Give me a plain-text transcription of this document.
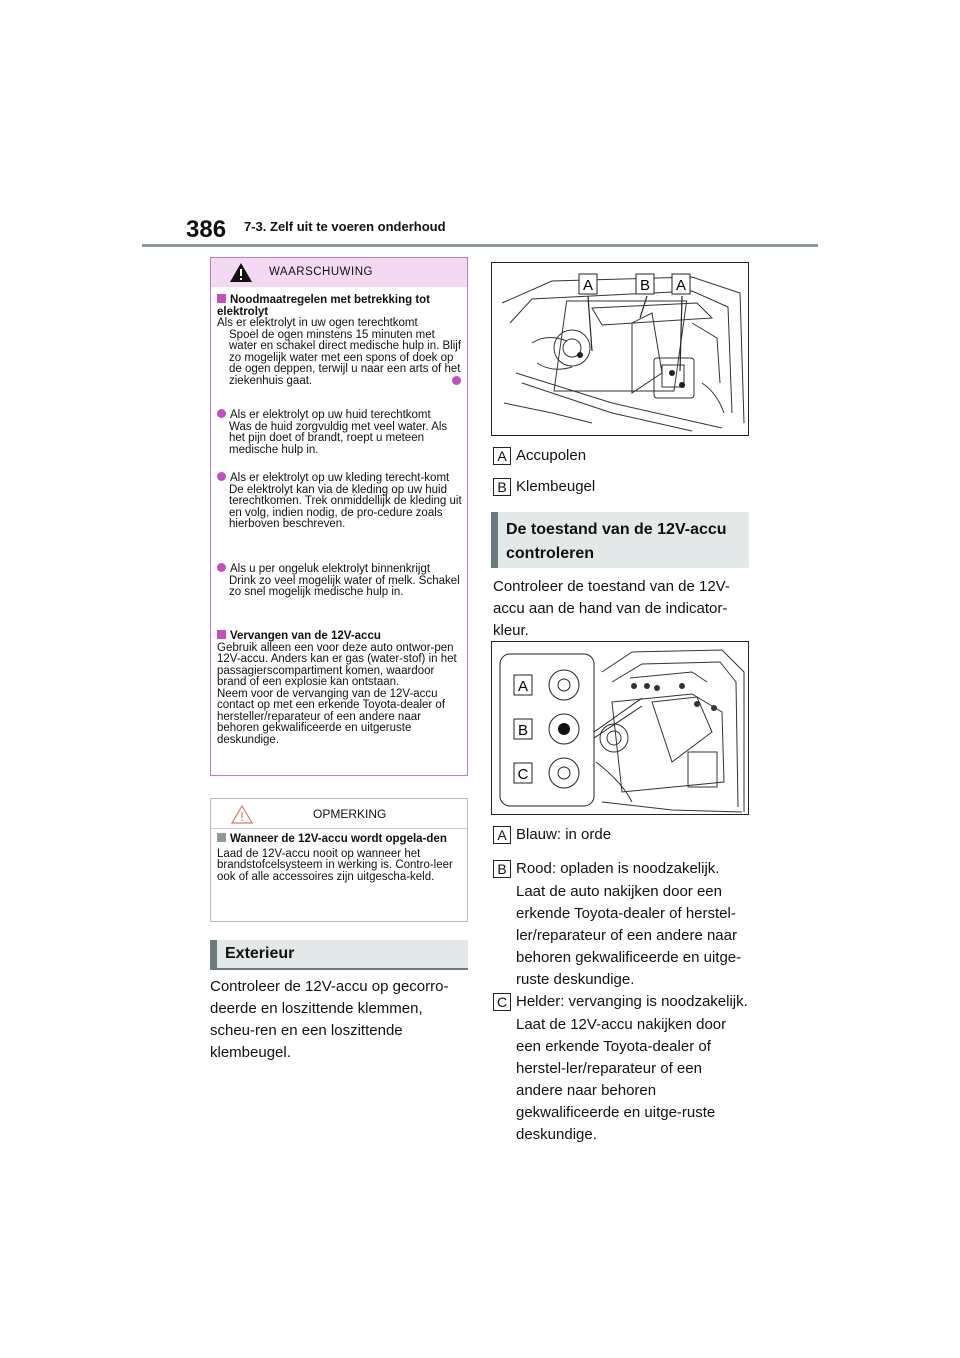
386 7-3. Zelf uit te voeren onderhoud
WAARSCHUWING
Noodmaatregelen met betrekking tot elektrolyt
Als er elektrolyt in uw ogen terechtkomt
Spoel de ogen minstens 15 minuten met water en schakel direct medische hulp in. Blijf zo mogelijk water met een spons of doek op de ogen deppen, terwijl u naar een arts of het ziekenhuis gaat.
Als er elektrolyt op uw huid terechtkomt
Was de huid zorgvuldig met veel water. Als het pijn doet of brandt, roept u meteen medische hulp in.
Als er elektrolyt op uw kleding terecht-komt
De elektrolyt kan via de kleding op uw huid terechtkomen. Trek onmiddellijk de kleding uit en volg, indien nodig, de pro-cedure zoals hierboven beschreven.
Als u per ongeluk elektrolyt binnenkrijgt
Drink zo veel mogelijk water of melk. Schakel zo snel mogelijk medische hulp in.
Vervangen van de 12V-accu
Gebruik alleen een voor deze auto ontwor-pen 12V-accu. Anders kan er gas (water-stof) in het passagierscompartiment komen, waardoor brand of een explosie kan ontstaan.
Neem voor de vervanging van de 12V-accu contact op met een erkende Toyota-dealer of hersteller/reparateur of een andere naar behoren gekwalificeerde en uitgeruste deskundige.
OPMERKING
Wanneer de 12V-accu wordt opgela-den
Laad de 12V-accu nooit op wanneer het brandstofcelsysteem in werking is. Contro-leer ook of alle accessoires zijn uitgescha-keld.
Exterieur
Controleer de 12V-accu op gecorro-deerde en loszittende klemmen, scheu-ren en een loszittende klembeugel.
A	B A
A Accupolen
B Klembeugel
De toestand van de 12V-accu controleren
Controleer de toestand van de 12V-accu aan de hand van de indicator-kleur.
A
B
C
A Blauw: in orde
B Rood: opladen is noodzakelijk.
Laat de auto nakijken door een erkende Toyota-dealer of herstel-ler/reparateur of een andere naar behoren gekwalificeerde en uitge-ruste deskundige.
C Helder: vervanging is noodzakelijk.
Laat de 12V-accu nakijken door een erkende Toyota-dealer of herstel-ler/reparateur of een andere naar behoren gekwalificeerde en uitge-ruste deskundige.
